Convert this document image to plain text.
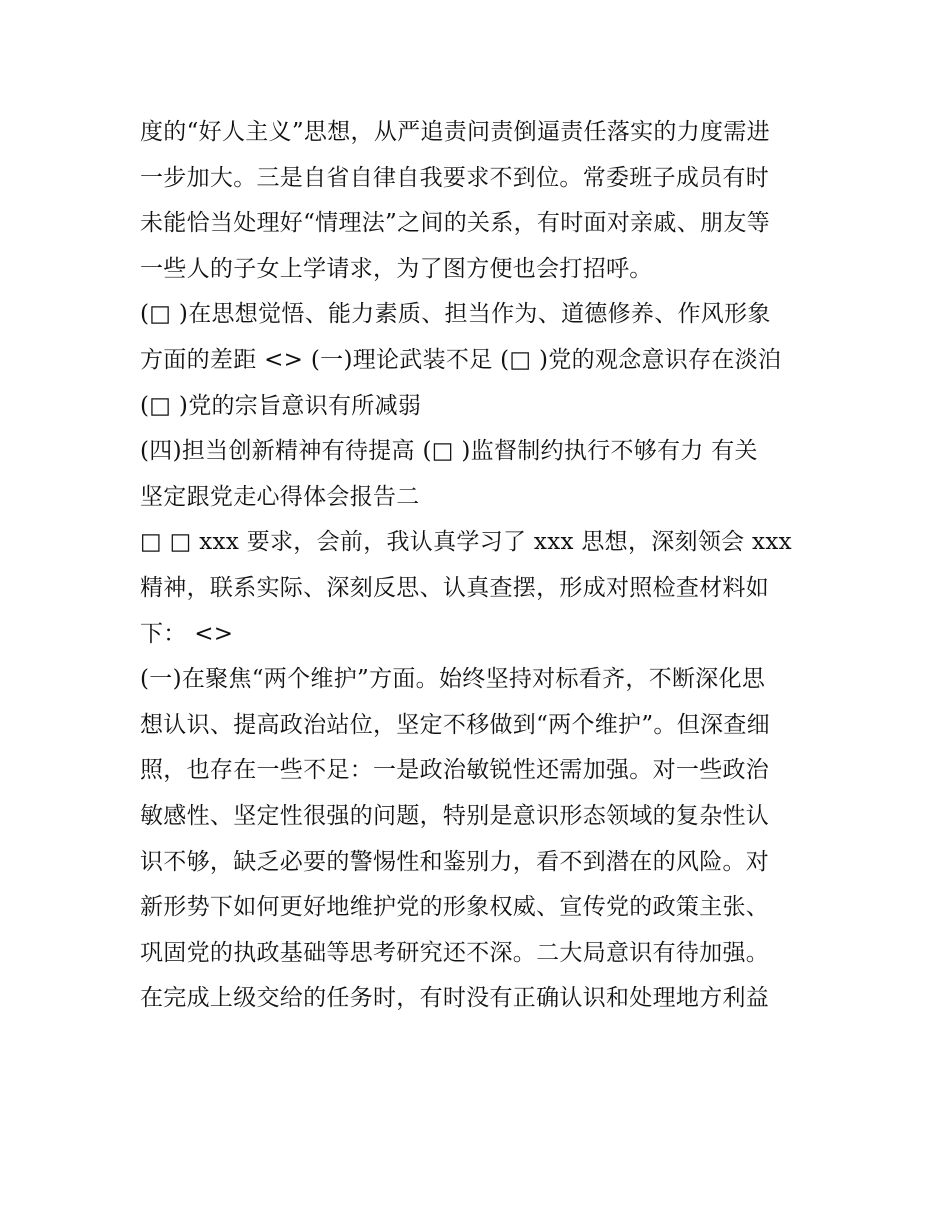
度的“好人主义”思想，从严追责问责倒逼责任落实的力度需进
一步加大。三是自省自律自我要求不到位。常委班子成员有时
未能恰当处理好“情理法”之间的关系，有时面对亲戚、朋友等
一些人的子女上学请求，为了图方便也会打招呼。
(□ )在思想觉悟、能力素质、担当作为、道德修养、作风形象
方面的差距 <> (一)理论武装不足 (□ )党的观念意识存在淡泊
(□ )党的宗旨意识有所减弱
(四)担当创新精神有待提高 (□ )监督制约执行不够有力 有关
坚定跟党走心得体会报告二
□ □ xxx 要求，会前，我认真学习了 xxx 思想，深刻领会 xxx
精神，联系实际、深刻反思、认真查摆，形成对照检查材料如
下： <>
(一)在聚焦“两个维护”方面。始终坚持对标看齐，不断深化思
想认识、提高政治站位，坚定不移做到“两个维护”。但深查细
照，也存在一些不足：一是政治敏锐性还需加强。对一些政治
敏感性、坚定性很强的问题，特别是意识形态领域的复杂性认
识不够，缺乏必要的警惕性和鉴别力，看不到潜在的风险。对
新形势下如何更好地维护党的形象权威、宣传党的政策主张、
巩固党的执政基础等思考研究还不深。二大局意识有待加强。
在完成上级交给的任务时，有时没有正确认识和处理地方利益
